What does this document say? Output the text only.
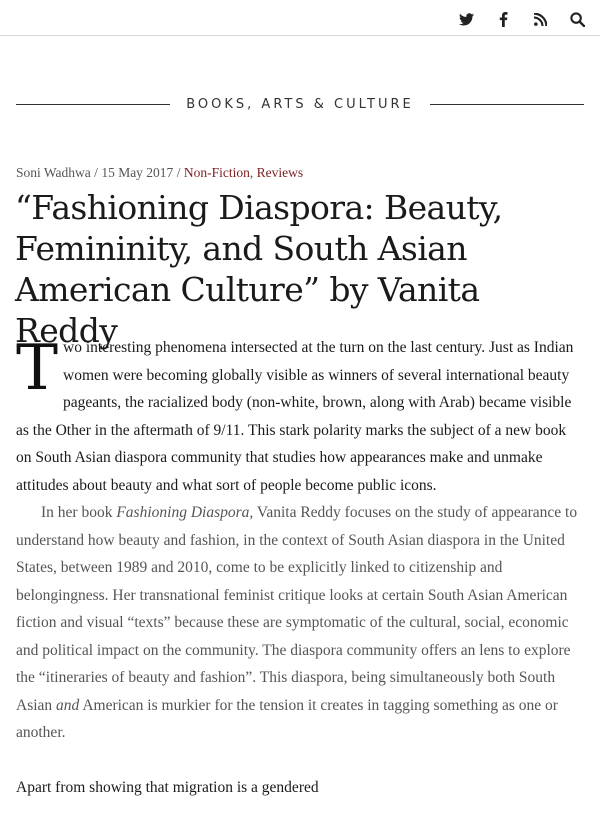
BOOKS, ARTS & CULTURE
Soni Wadhwa / 15 May 2017 / Non-Fiction, Reviews
“Fashioning Diaspora: Beauty, Femininity, and South Asian American Culture” by Vanita Reddy

Two interesting phenomena intersected at the turn on the last century. Just as Indian women were becoming globally visible as winners of several international beauty pageants, the racialized body (non-white, brown, along with Arab) became visible as the Other in the aftermath of 9/11. This stark polarity marks the subject of a new book on South Asian diaspora community that studies how appearances make and unmake attitudes about beauty and what sort of people become public icons.

In her book Fashioning Diaspora, Vanita Reddy focuses on the study of appearance to understand how beauty and fashion, in the context of South Asian diaspora in the United States, between 1989 and 2010, come to be explicitly linked to citizenship and belongingness. Her transnational feminist critique looks at certain South Asian American fiction and visual “texts” because these are symptomatic of the cultural, social, economic and political impact on the community. The diaspora community offers an lens to explore the “itineraries of beauty and fashion”. This diaspora, being simultaneously both South Asian and American is murkier for the tension it creates in tagging something as one or another.

Apart from showing that migration is a gendered
